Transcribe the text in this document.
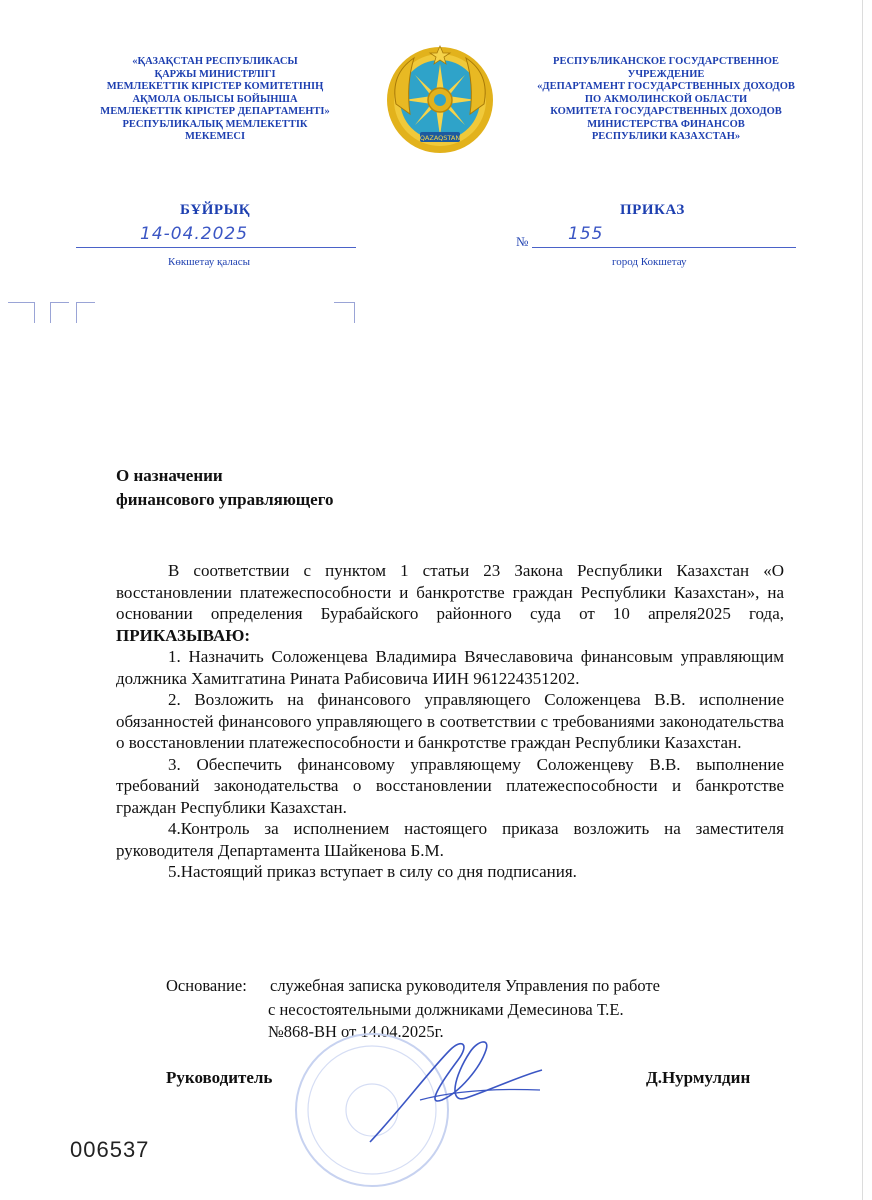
«ҚАЗАҚСТАН РЕСПУБЛИКАСЫ
ҚАРЖЫ МИНИСТРЛІГІ
МЕМЛЕКЕТТІК КІРІСТЕР КОМИТЕТІНІҢ
АҚМОЛА ОБЛЫСЫ БОЙЫНША
МЕМЛЕКЕТТІК КІРІСТЕР ДЕПАРТАМЕНТІ»
РЕСПУБЛИКАЛЫҚ МЕМЛЕКЕТТІК
МЕКЕМЕСІ	QAZAQSTAN
РЕСПУБЛИКАНСКОЕ ГОСУДАРСТВЕННОЕ
УЧРЕЖДЕНИЕ
«ДЕПАРТАМЕНТ ГОСУДАРСТВЕННЫХ ДОХОДОВ
ПО АКМОЛИНСКОЙ ОБЛАСТИ
КОМИТЕТА ГОСУДАРСТВЕННЫХ ДОХОДОВ
МИНИСТЕРСТВА ФИНАНСОВ
РЕСПУБЛИКИ КАЗАХСТАН»
БҰЙРЫҚ	ПРИКАЗ
14-04.2025
Көкшетау қаласы
№ 155
город Кокшетау
О назначении
финансового управляющего

В соответствии с пунктом 1 статьи 23 Закона Республики Казахстан «О восстановлении платежеспособности и банкротстве граждан Республики Казахстан», на основании определения Бурабайского районного суда от 10 апреля2025 года, ПРИКАЗЫВАЮ:

1. Назначить Соложенцева Владимира Вячеславовича финансовым управляющим должника Хамитгатина Рината Рабисовича ИИН 961224351202.

2. Возложить на финансового управляющего Соложенцева В.В. исполнение обязанностей финансового управляющего в соответствии с требованиями законодательства о восстановлении платежеспособности и банкротстве граждан Республики Казахстан.

3. Обеспечить финансовому управляющему Соложенцеву В.В. выполнение требований законодательства о восстановлении платежеспособности и банкротстве граждан Республики Казахстан.

4.Контроль за исполнением настоящего приказа возложить на заместителя руководителя Департамента Шайкенова Б.М.

5.Настоящий приказ вступает в силу со дня подписания.

Основание: служебная записка руководителя Управления по работе
с несостоятельными должниками Демесинова Т.Е.
№868-ВН от 14.04.2025г.
Руководитель	Д.Нурмулдин
006537
